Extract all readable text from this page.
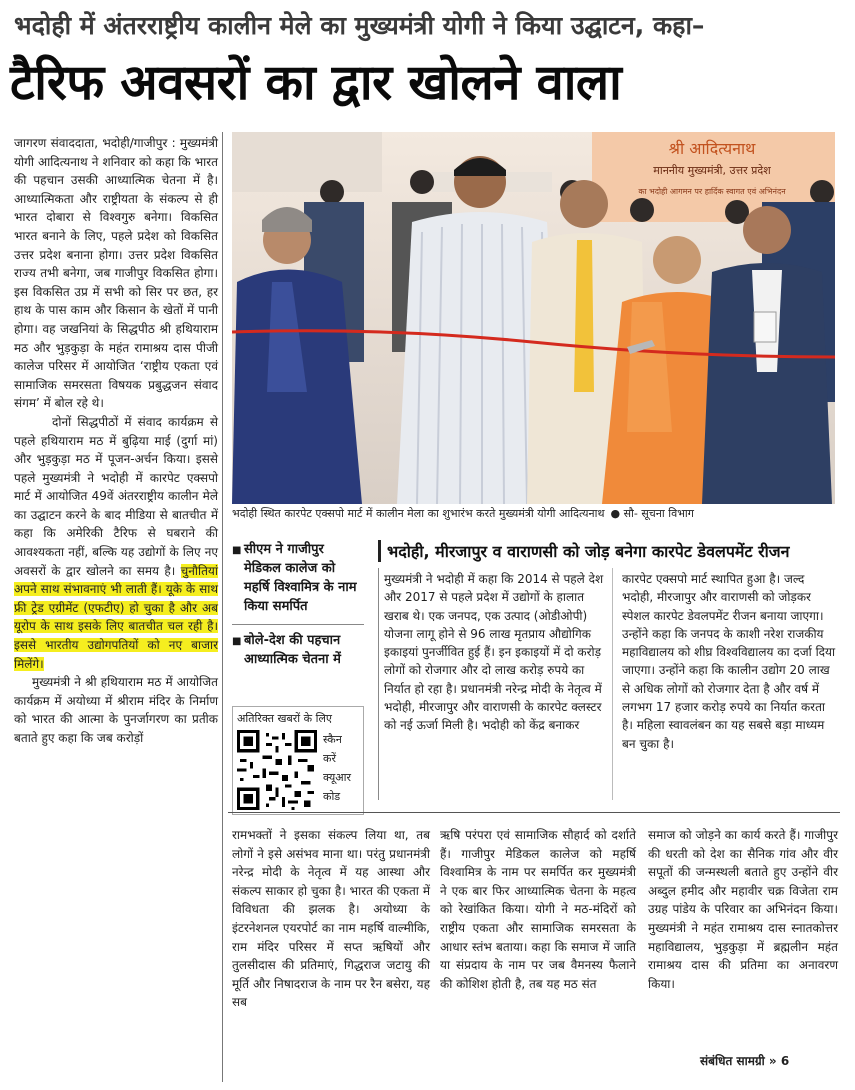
भदोही में अंतरराष्ट्रीय कालीन मेले का मुख्यमंत्री योगी ने किया उद्घाटन, कहा–
टैरिफ अवसरों का द्वार खोलने वाला

जागरण संवाददाता, भदोही/गाजीपुर : मुख्यमंत्री योगी आदित्यनाथ ने शनिवार को कहा कि भारत की पहचान उसकी आध्यात्मिक चेतना में है। आध्यात्मिकता और राष्ट्रीयता के संकल्प से ही भारत दोबारा से विश्वगुरु बनेगा। विकसित भारत बनाने के लिए, पहले प्रदेश को विकसित उत्तर प्रदेश बनाना होगा। उत्तर प्रदेश विकसित राज्य तभी बनेगा, जब गाजीपुर विकसित होगा। इस विकसित उप्र में सभी को सिर पर छत, हर हाथ के पास काम और किसान के खेतों में पानी होगा। वह जखनियां के सिद्धपीठ श्री हथियाराम मठ और भुड़कुड़ा के महंत रामाश्रय दास पीजी कालेज परिसर में आयोजित ‘राष्ट्रीय एकता एवं सामाजिक समरसता विषयक प्रबुद्धजन संवाद संगम’ में बोल रहे थे।

दोनों सिद्धपीठों में संवाद कार्यक्रम से पहले हथियाराम मठ में बुढ़िया माई (दुर्गा मां) और भुड़कुड़ा मठ में पूजन-अर्चन किया। इससे पहले मुख्यमंत्री ने भदोही में कारपेट एक्सपो मार्ट में आयोजित 49वें अंतरराष्ट्रीय कालीन मेले का उद्घाटन करने के बाद मीडिया से बातचीत में कहा कि अमेरिकी टैरिफ से घबराने की आवश्यकता नहीं, बल्कि यह उद्योगों के लिए नए अवसरों के द्वार खोलने का समय है। चुनौतियां अपने साथ संभावनाएं भी लाती हैं। यूके के साथ फ्री ट्रेड एग्रीमेंट (एफटीए) हो चुका है और अब यूरोप के साथ इसके लिए बातचीत चल रही है। इससे भारतीय उद्योगपतियों को नए बाजार मिलेंगे।

मुख्यमंत्री ने श्री हथियाराम मठ में आयोजित कार्यक्रम में अयोध्या में श्रीराम मंदिर के निर्माण को भारत की आत्मा के पुनर्जागरण का प्रतीक बताते हुए कहा कि जब करोड़ों

श्री आदित्यनाथ
माननीय मुख्यमंत्री, उत्तर प्रदेश
का भदोही आगमन पर हार्दिक स्वागत एवं अभिनंदन
भदोही स्थित कारपेट एक्सपो मार्ट में कालीन मेला का शुभारंभ करते मुख्यमंत्री योगी आदित्यनाथ ● सौ- सूचना विभाग
■ सीएम ने गाजीपुर मेडिकल कालेज को महर्षि विश्वामित्र के नाम किया समर्पित
■ बोले-देश की पहचान आध्यात्मिक चेतना में
अतिरिक्त खबरों के लिए
स्कैन
करें
क्यूआर
कोड
भदोही, मीरजापुर व वाराणसी को जोड़ बनेगा कारपेट डेवलपमेंट रीजन
मुख्यमंत्री ने भदोही में कहा कि 2014 से पहले देश और 2017 से पहले प्रदेश में उद्योगों के हालात खराब थे। एक जनपद, एक उत्पाद (ओडीओपी) योजना लागू होने से 96 लाख मृतप्राय औद्योगिक इकाइयां पुनर्जीवित हुई हैं। इन इकाइयों में दो करोड़ लोगों को रोजगार और दो लाख करोड़ रुपये का निर्यात हो रहा है। प्रधानमंत्री नरेन्द्र मोदी के नेतृत्व में भदोही, मीरजापुर और वाराणसी के कारपेट क्लस्टर को नई ऊर्जा मिली है। भदोही को केंद्र बनाकर
कारपेट एक्सपो मार्ट स्थापित हुआ है। जल्द भदोही, मीरजापुर और वाराणसी को जोड़कर स्पेशल कारपेट डेवलपमेंट रीजन बनाया जाएगा। उन्होंने कहा कि जनपद के काशी नरेश राजकीय महाविद्यालय को शीघ्र विश्वविद्यालय का दर्जा दिया जाएगा। उन्होंने कहा कि कालीन उद्योग 20 लाख से अधिक लोगों को रोजगार देता है और वर्ष में लगभग 17 हजार करोड़ रुपये का निर्यात करता है। महिला स्वावलंबन का यह सबसे बड़ा माध्यम बन चुका है।
रामभक्तों ने इसका संकल्प लिया था, तब लोगों ने इसे असंभव माना था। परंतु प्रधानमंत्री नरेन्द्र मोदी के नेतृत्व में यह आस्था और संकल्प साकार हो चुका है। भारत की एकता में विविधता की झलक है। अयोध्या के इंटरनेशनल एयरपोर्ट का नाम महर्षि वाल्मीकि, राम मंदिर परिसर में सप्त ऋषियों और तुलसीदास की प्रतिमाएं, गिद्धराज जटायु की मूर्ति और निषादराज के नाम पर रैन बसेरा, यह सब
ऋषि परंपरा एवं सामाजिक सौहार्द को दर्शाते हैं। गाजीपुर मेडिकल कालेज को महर्षि विश्वामित्र के नाम पर समर्पित कर मुख्यमंत्री ने एक बार फिर आध्यात्मिक चेतना के महत्व को रेखांकित किया। योगी ने मठ-मंदिरों को राष्ट्रीय एकता और सामाजिक समरसता के आधार स्तंभ बताया। कहा कि समाज में जाति या संप्रदाय के नाम पर जब वैमनस्य फैलाने की कोशिश होती है, तब यह मठ संत
समाज को जोड़ने का कार्य करते हैं। गाजीपुर की धरती को देश का सैनिक गांव और वीर सपूतों की जन्मस्थली बताते हुए उन्होंने वीर अब्दुल हमीद और महावीर चक्र विजेता राम उग्रह पांडेय के परिवार का अभिनंदन किया। मुख्यमंत्री ने महंत रामाश्रय दास स्नातकोत्तर महाविद्यालय, भुड़कुड़ा में ब्रह्मलीन महंत रामाश्रय दास की प्रतिमा का अनावरण किया।
संबंधित सामग्री » 6
